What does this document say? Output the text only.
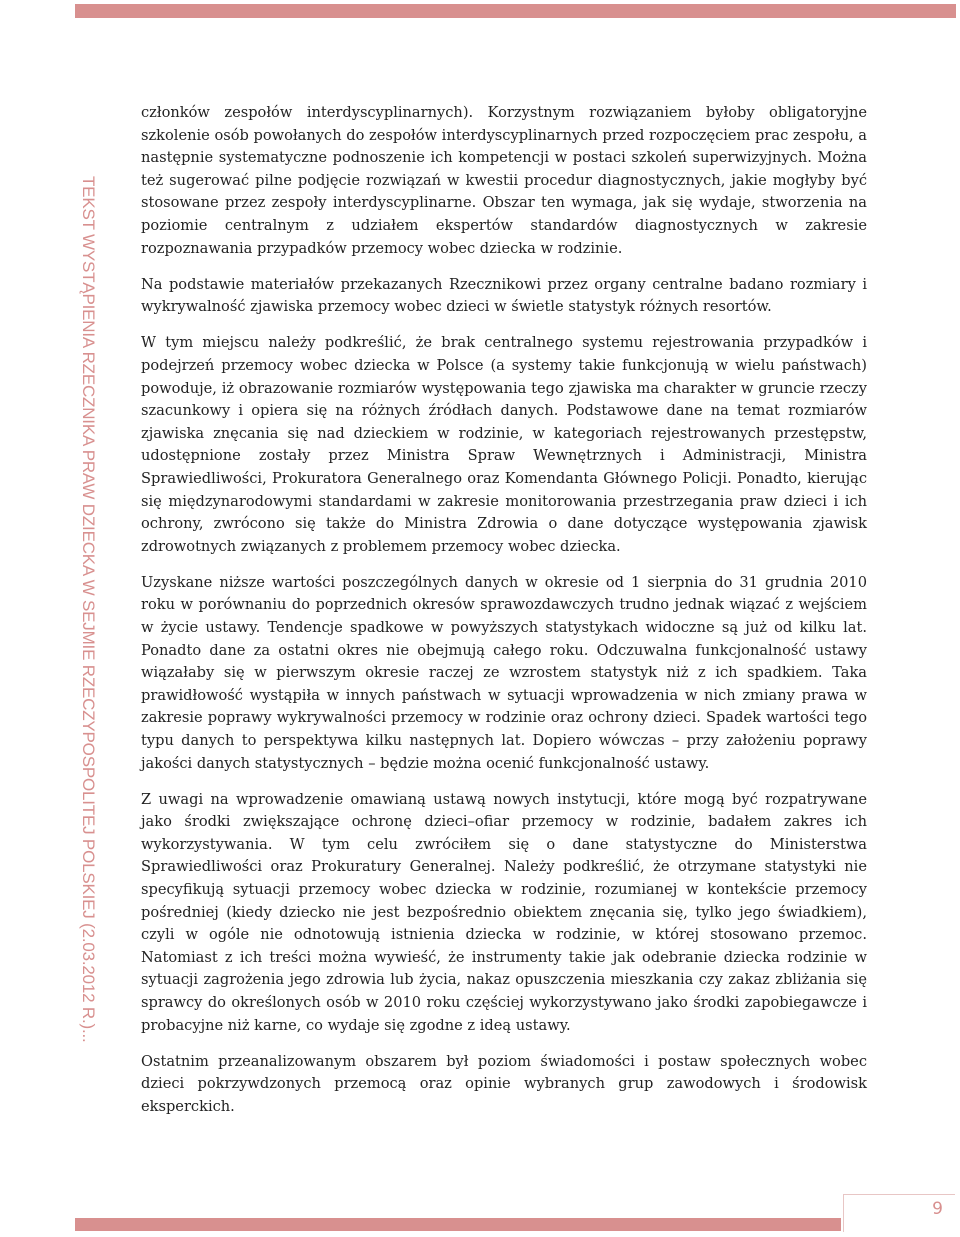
TEKST WYSTĄPIENIA RZECZNIKA PRAW DZIECKA W SEJMIE RZECZYPOSPOLITEJ POLSKIEJ (2.03.2012 R.)...

członków zespołów interdyscyplinarnych). Korzystnym rozwiązaniem byłoby obligatoryjne szkolenie osób powołanych do zespołów interdyscyplinarnych przed rozpoczęciem prac zespołu, a następnie systematyczne podnoszenie ich kompetencji w postaci szkoleń superwizyjnych. Można też sugerować pilne podjęcie rozwiązań w kwestii procedur diagnostycznych, jakie mogłyby być stosowane przez zespoły interdyscyplinarne. Obszar ten wymaga, jak się wydaje, stworzenia na poziomie centralnym z udziałem ekspertów standardów diagnostycznych w zakresie rozpoznawania przypadków przemocy wobec dziecka w rodzinie.

Na podstawie materiałów przekazanych Rzecznikowi przez organy centralne badano rozmiary i wykrywalność zjawiska przemocy wobec dzieci w świetle statystyk różnych resortów.

W tym miejscu należy podkreślić, że brak centralnego systemu rejestrowania przypadków i podejrzeń przemocy wobec dziecka w Polsce (a systemy takie funkcjonują w wielu państwach) powoduje, iż obrazowanie rozmiarów występowania tego zjawiska ma charakter w gruncie rzeczy szacunkowy i opiera się na różnych źródłach danych. Podstawowe dane na temat rozmiarów zjawiska znęcania się nad dzieckiem w rodzinie, w kategoriach rejestrowanych przestępstw, udostępnione zostały przez Ministra Spraw Wewnętrznych i Administracji, Ministra Sprawiedliwości, Prokuratora Generalnego oraz Komendanta Głównego Policji. Ponadto, kierując się międzynarodowymi standardami w zakresie monitorowania przestrzegania praw dzieci i ich ochrony, zwrócono się także do Ministra Zdrowia o dane dotyczące występowania zjawisk zdrowotnych związanych z problemem przemocy wobec dziecka.

Uzyskane niższe wartości poszczególnych danych w okresie od 1 sierpnia do 31 grudnia 2010 roku w porównaniu do poprzednich okresów sprawozdawczych trudno jednak wiązać z wejściem w życie ustawy. Tendencje spadkowe w powyższych statystykach widoczne są już od kilku lat. Ponadto dane za ostatni okres nie obejmują całego roku. Odczuwalna funkcjonalność ustawy wiązałaby się w pierwszym okresie raczej ze wzrostem statystyk niż z ich spadkiem. Taka prawidłowość wystąpiła w innych państwach w sytuacji wprowadzenia w nich zmiany prawa w zakresie poprawy wykrywalności przemocy w rodzinie oraz ochrony dzieci. Spadek wartości tego typu danych to perspektywa kilku następnych lat. Dopiero wówczas – przy założeniu poprawy jakości danych statystycznych – będzie można ocenić funkcjonalność ustawy.

Z uwagi na wprowadzenie omawianą ustawą nowych instytucji, które mogą być rozpatrywane jako środki zwiększające ochronę dzieci–ofiar przemocy w rodzinie, badałem zakres ich wykorzystywania. W tym celu zwróciłem się o dane statystyczne do Ministerstwa Sprawiedliwości oraz Prokuratury Generalnej. Należy podkreślić, że otrzymane statystyki nie specyfikują sytuacji przemocy wobec dziecka w rodzinie, rozumianej w kontekście przemocy pośredniej (kiedy dziecko nie jest bezpośrednio obiektem znęcania się, tylko jego świadkiem), czyli w ogóle nie odnotowują istnienia dziecka w rodzinie, w której stosowano przemoc. Natomiast z ich treści można wywieść, że instrumenty takie jak odebranie dziecka rodzinie w sytuacji zagrożenia jego zdrowia lub życia, nakaz opuszczenia mieszkania czy zakaz zbliżania się sprawcy do określonych osób w 2010 roku częściej wykorzystywano jako środki zapobiegawcze i probacyjne niż karne, co wydaje się zgodne z ideą ustawy.

Ostatnim przeanalizowanym obszarem był poziom świadomości i postaw społecznych wobec dzieci pokrzywdzonych przemocą oraz opinie wybranych grup zawodowych i środowisk eksperckich.

9
